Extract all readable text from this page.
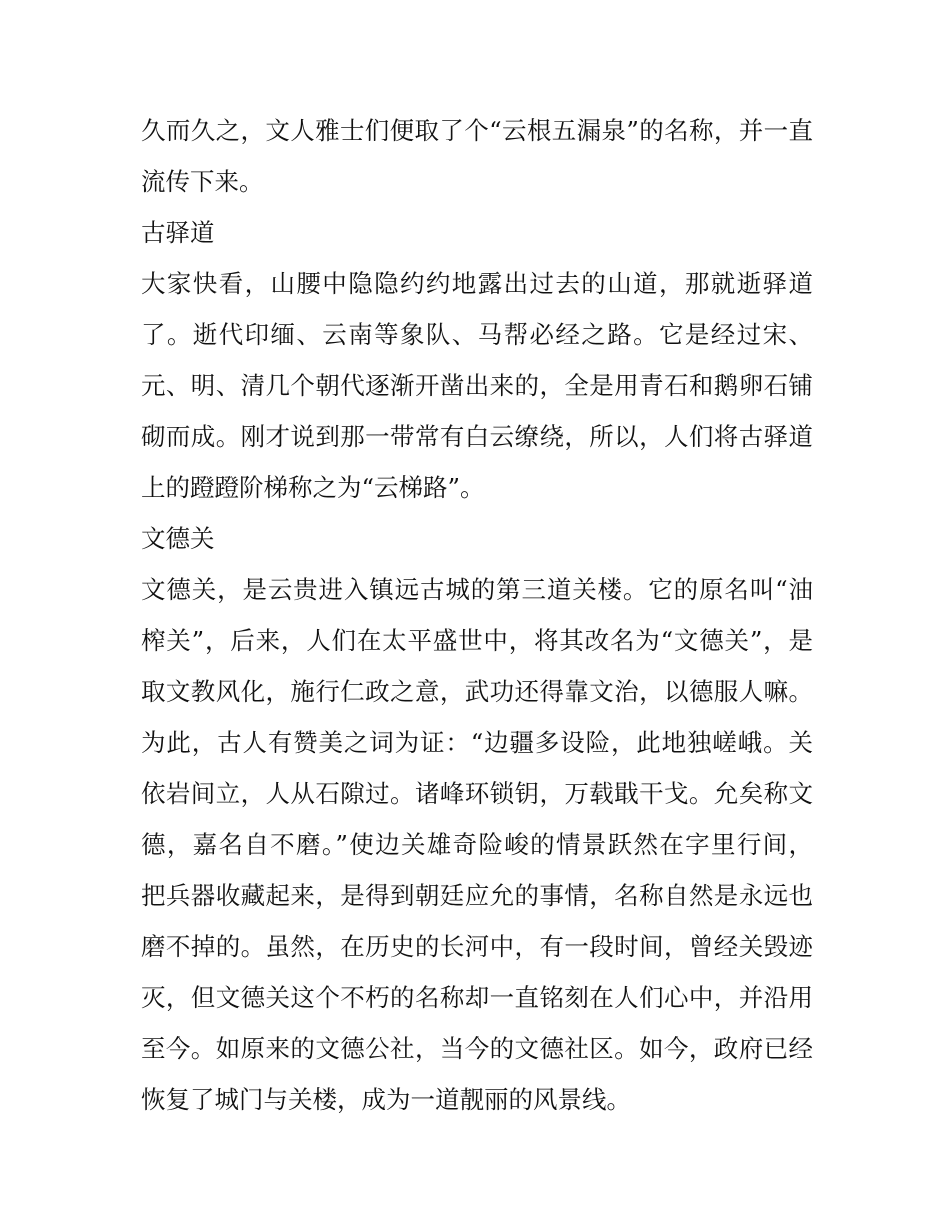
久而久之，文人雅士们便取了个“云根五漏泉”的名称，并一直
流传下来。
古驿道
大家快看，山腰中隐隐约约地露出过去的山道，那就逝驿道
了。逝代印缅、云南等象队、马帮必经之路。它是经过宋、
元、明、清几个朝代逐渐开凿出来的，全是用青石和鹅卵石铺
砌而成。刚才说到那一带常有白云缭绕，所以，人们将古驿道
上的蹬蹬阶梯称之为“云梯路”。
文德关
文德关，是云贵进入镇远古城的第三道关楼。它的原名叫“油
榨关”，后来，人们在太平盛世中，将其改名为“文德关”，是
取文教风化，施行仁政之意，武功还得靠文治，以德服人嘛。
为此，古人有赞美之词为证：“边疆多设险，此地独嵯峨。关
依岩间立，人从石隙过。诸峰环锁钥，万载戢干戈。允矣称文
德，嘉名自不磨。”使边关雄奇险峻的情景跃然在字里行间，
把兵器收藏起来，是得到朝廷应允的事情，名称自然是永远也
磨不掉的。虽然，在历史的长河中，有一段时间，曾经关毁迹
灭，但文德关这个不朽的名称却一直铭刻在人们心中，并沿用
至今。如原来的文德公社，当今的文德社区。如今，政府已经
恢复了城门与关楼，成为一道靓丽的风景线。
